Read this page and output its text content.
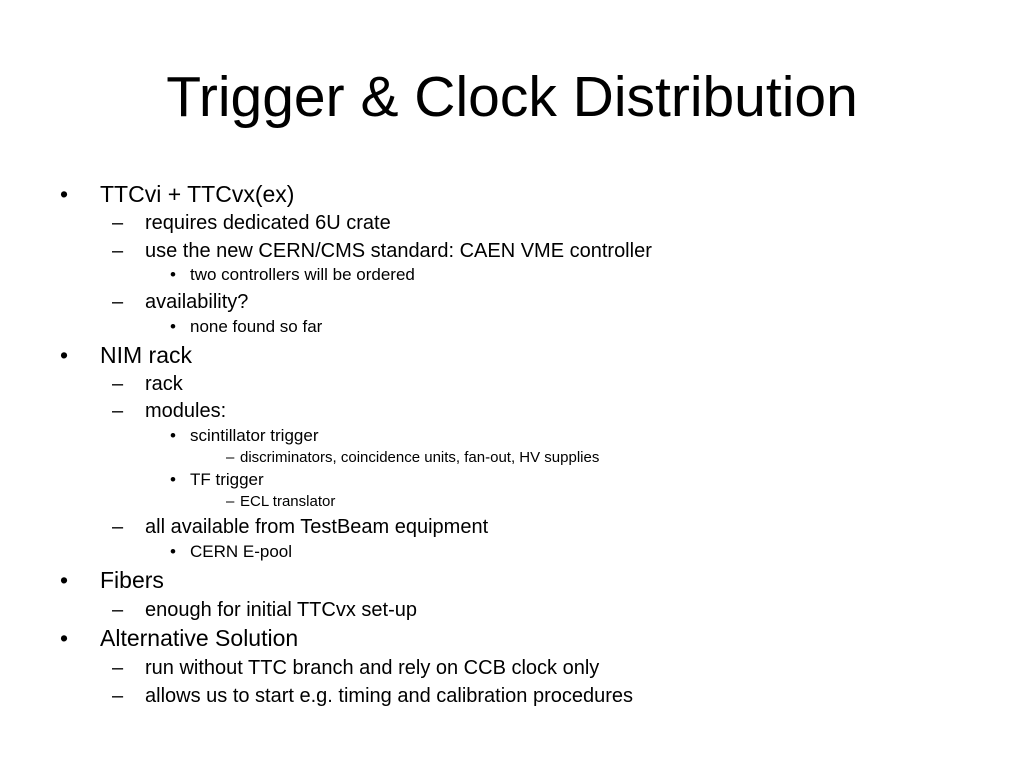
Trigger & Clock Distribution
• TTCvi + TTCvx(ex)
– requires dedicated 6U crate
– use the new CERN/CMS standard: CAEN VME controller
• two controllers will be ordered
– availability?
• none found so far
• NIM rack
– rack
– modules:
• scintillator trigger
– discriminators, coincidence units, fan-out, HV supplies
• TF trigger
– ECL translator
– all available from TestBeam equipment
• CERN E-pool
• Fibers
– enough for initial TTCvx set-up
• Alternative Solution
– run without TTC branch and rely on CCB clock only
– allows us to start e.g. timing and calibration procedures
